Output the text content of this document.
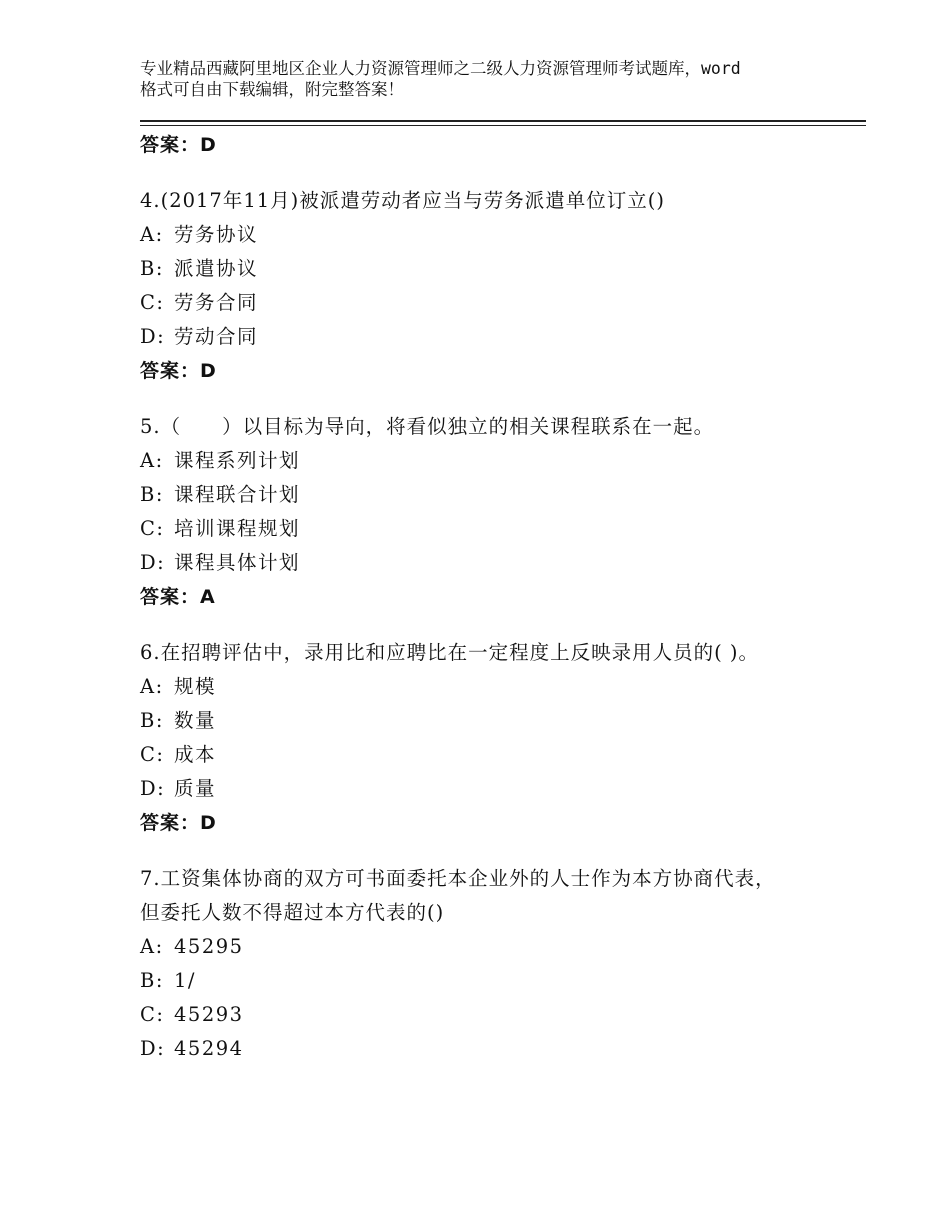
专业精品西藏阿里地区企业人力资源管理师之二级人力资源管理师考试题库，word
格式可自由下载编辑，附完整答案！
答案：D
4.(2017年11月)被派遣劳动者应当与劳务派遣单位订立()
A: 劳务协议
B: 派遣协议
C: 劳务合同
D: 劳动合同
答案：D
5.（　　）以目标为导向，将看似独立的相关课程联系在一起。
A: 课程系列计划
B: 课程联合计划
C: 培训课程规划
D: 课程具体计划
答案：A
6.在招聘评估中，录用比和应聘比在一定程度上反映录用人员的( )。
A: 规模
B: 数量
C: 成本
D: 质量
答案：D
7.工资集体协商的双方可书面委托本企业外的人士作为本方协商代表，但委托人数不得超过本方代表的()
A: 45295
B: 1/
C: 45293
D: 45294
